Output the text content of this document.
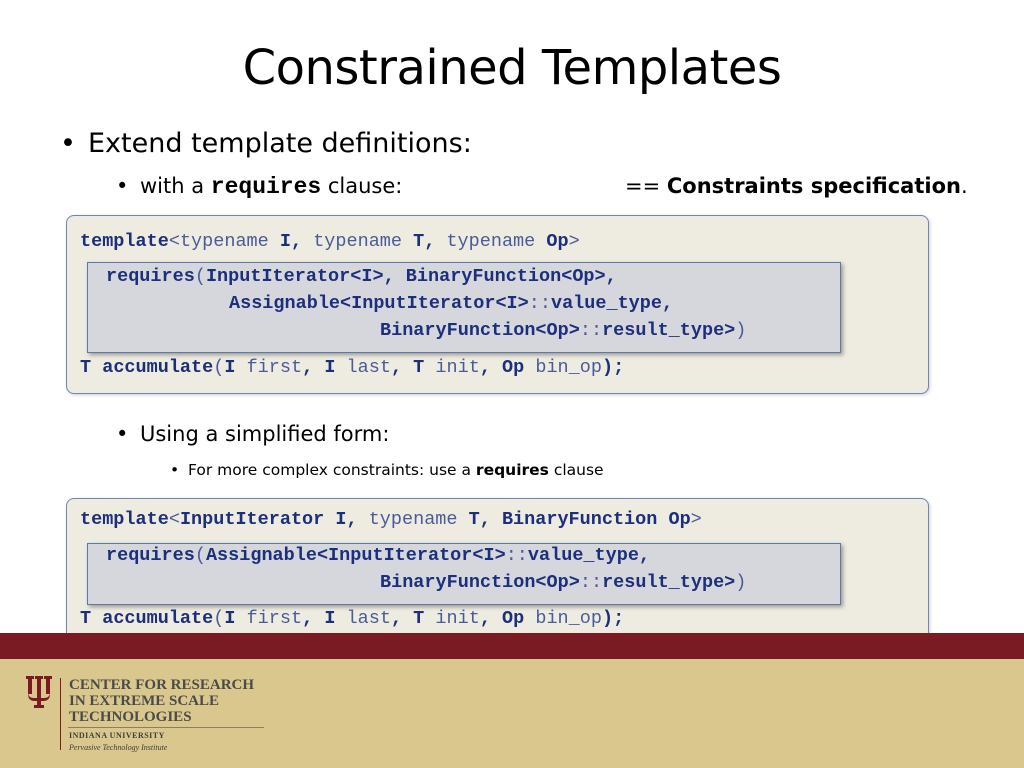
Constrained Templates
• Extend template definitions:
• with a requires clause:	== Constraints specification.
template<typename I, typename T, typename Op>
requires(InputIterator<I>, BinaryFunction<Op>,
Assignable<InputIterator<I>::value_type,
BinaryFunction<Op>::result_type>)
T accumulate(I first, I last, T init, Op bin_op);
• Using a simplified form:
• For more complex constraints: use a requires clause
template<InputIterator I, typename T, BinaryFunction Op>
requires(Assignable<InputIterator<I>::value_type,
BinaryFunction<Op>::result_type>)
T accumulate(I first, I last, T init, Op bin_op);
CENTER FOR RESEARCH
IN EXTREME SCALE
TECHNOLOGIES
INDIANA UNIVERSITY
Pervasive Technology Institute
